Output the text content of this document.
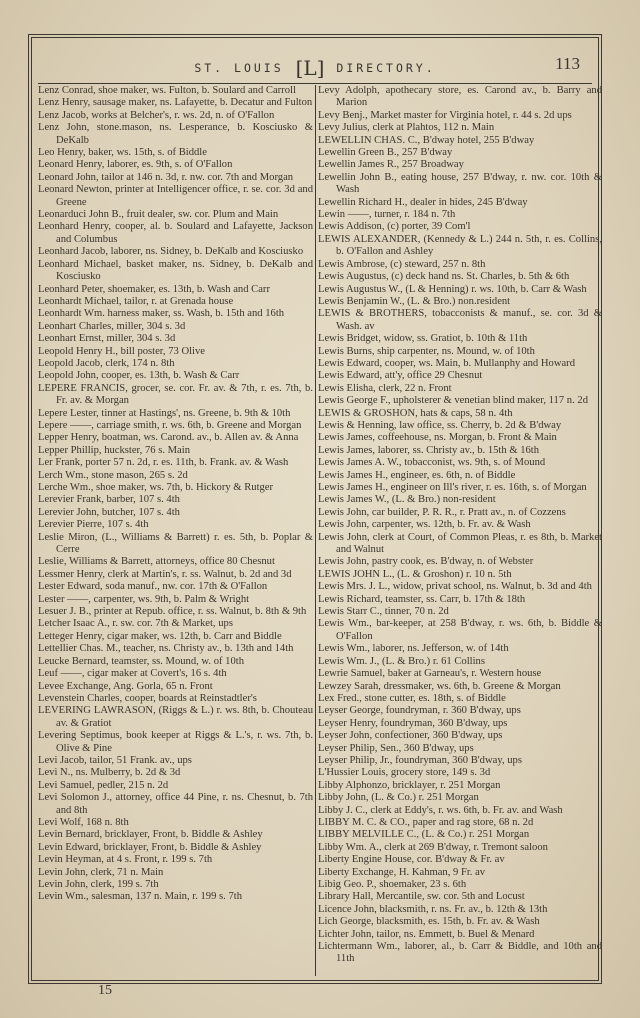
ST. LOUIS [L] DIRECTORY.	113

Lenz Conrad, shoe maker, ws. Fulton, b. Soulard and Carroll

Lenz Henry, sausage maker, ns. Lafayette, b. Decatur and Fulton

Lenz Jacob, works at Belcher's, r. ws. 2d, n. of O'Fallon

Lenz John, stone.mason, ns. Lesperance, b. Kosciusko & DeKalb

Leo Henry, baker, ws. 15th, s. of Biddle

Leonard Henry, laborer, es. 9th, s. of O'Fallon

Leonard John, tailor at 146 n. 3d, r. nw. cor. 7th and Morgan

Leonard Newton, printer at Intelligencer office, r. se. cor. 3d and Greene

Leonarduci John B., fruit dealer, sw. cor. Plum and Main

Leonhard Henry, cooper, al. b. Soulard and Lafayette, Jackson and Columbus

Leonhard Jacob, laborer, ns. Sidney, b. DeKalb and Kosciusko

Leonhard Michael, basket maker, ns. Sidney, b. DeKalb and Kosciusko

Leonhard Peter, shoemaker, es. 13th, b. Wash and Carr

Leonhardt Michael, tailor, r. at Grenada house

Leonhardt Wm. harness maker, ss. Wash, b. 15th and 16th

Leonhart Charles, miller, 304 s. 3d

Leonhart Ernst, miller, 304 s. 3d

Leopold Henry H., bill poster, 73 Olive

Leopold Jacob, clerk, 174 n. 8th

Leopold John, cooper, es. 13th, b. Wash & Carr

LEPERE FRANCIS, grocer, se. cor. Fr. av. & 7th, r. es. 7th, b. Fr. av. & Morgan

Lepere Lester, tinner at Hastings', ns. Greene, b. 9th & 10th

Lepere ——, carriage smith, r. ws. 6th, b. Greene and Morgan

Lepper Henry, boatman, ws. Carond. av., b. Allen av. & Anna

Lepper Phillip, huckster, 76 s. Main

Ler Frank, porter 57 n. 2d, r. es. 11th, b. Frank. av. & Wash

Lerch Wm., stone mason, 265 s. 2d

Lerche Wm., shoe maker, ws. 7th, b. Hickory & Rutger

Lerevier Frank, barber, 107 s. 4th

Lerevier John, butcher, 107 s. 4th

Lerevier Pierre, 107 s. 4th

Leslie Miron, (L., Williams & Barrett) r. es. 5th, b. Poplar & Cerre

Leslie, Williams & Barrett, attorneys, office 80 Chesnut

Lessmer Henry, clerk at Martin's, r. ss. Walnut, b. 2d and 3d

Lester Edward, soda manuf., nw. cor. 17th & O'Fallon

Lester ——, carpenter, ws. 9th, b. Palm & Wright

Lesuer J. B., printer at Repub. office, r. ss. Walnut, b. 8th & 9th

Letcher Isaac A., r. sw. cor. 7th & Market, ups

Letteger Henry, cigar maker, ws. 12th, b. Carr and Biddle

Lettellier Chas. M., teacher, ns. Christy av., b. 13th and 14th

Leucke Bernard, teamster, ss. Mound, w. of 10th

Leuf ——, cigar maker at Covert's, 16 s. 4th

Levee Exchange, Ang. Gorla, 65 n. Front

Levenstein Charles, cooper, boards at Reinstadtler's

LEVERING LAWRASON, (Riggs & L.) r. ws. 8th, b. Chouteau av. & Gratiot

Levering Septimus, book keeper at Riggs & L.'s, r. ws. 7th, b. Olive & Pine

Levi Jacob, tailor, 51 Frank. av., ups

Levi N., ns. Mulberry, b. 2d & 3d

Levi Samuel, pedler, 215 n. 2d

Levi Solomon J., attorney, office 44 Pine, r. ns. Chesnut, b. 7th and 8th

Levi Wolf, 168 n. 8th

Levin Bernard, bricklayer, Front, b. Biddle & Ashley

Levin Edward, bricklayer, Front, b. Biddle & Ashley

Levin Heyman, at 4 s. Front, r. 199 s. 7th

Levin John, clerk, 71 n. Main

Levin John, clerk, 199 s. 7th

Levin Wm., salesman, 137 n. Main, r. 199 s. 7th

Levy Adolph, apothecary store, es. Carond av., b. Barry and Marion

Levy Benj., Market master for Virginia hotel, r. 44 s. 2d ups

Levy Julius, clerk at Plahtos, 112 n. Main

LEWELLIN CHAS. C., B'dway hotel, 255 B'dway

Lewellin Green B., 257 B'dway

Lewellin James R., 257 Broadway

Lewellin John B., eating house, 257 B'dway, r. nw. cor. 10th & Wash

Lewellin Richard H., dealer in hides, 245 B'dway

Lewin ——, turner, r. 184 n. 7th

Lewis Addison, (c) porter, 39 Com'l

LEWIS ALEXANDER, (Kennedy & L.) 244 n. 5th, r. es. Collins, b. O'Fallon and Ashley

Lewis Ambrose, (c) steward, 257 n. 8th

Lewis Augustus, (c) deck hand ns. St. Charles, b. 5th & 6th

Lewis Augustus W., (L & Henning) r. ws. 10th, b. Carr & Wash

Lewis Benjamin W., (L. & Bro.) non.resident

LEWIS & BROTHERS, tobacconists & manuf., se. cor. 3d & Wash. av

Lewis Bridget, widow, ss. Gratiot, b. 10th & 11th

Lewis Burns, ship carpenter, ns. Mound, w. of 10th

Lewis Edward, cooper, ws. Main, b. Mullanphy and Howard

Lewis Edward, att'y, office 29 Chesnut

Lewis Elisha, clerk, 22 n. Front

Lewis George F., upholsterer & venetian blind maker, 117 n. 2d

LEWIS & GROSHON, hats & caps, 58 n. 4th

Lewis & Henning, law office, ss. Cherry, b. 2d & B'dway

Lewis James, coffeehouse, ns. Morgan, b. Front & Main

Lewis James, laborer, ss. Christy av., b. 15th & 16th

Lewis James A. W., tobacconist, ws. 9th, s. of Mound

Lewis James H., engineer, es. 6th, n. of Biddle

Lewis James H., engineer on Ill's river, r. es. 16th, s. of Morgan

Lewis James W., (L. & Bro.) non-resident

Lewis John, car builder, P. R. R., r. Pratt av., n. of Cozzens

Lewis John, carpenter, ws. 12th, b. Fr. av. & Wash

Lewis John, clerk at Court, of Common Pleas, r. es 8th, b. Market and Walnut

Lewis John, pastry cook, es. B'dway, n. of Webster

LEWIS JOHN L., (L. & Groshon) r. 10 n. 5th

Lewis Mrs. J. L., widow, privat school, ns. Walnut, b. 3d and 4th

Lewis Richard, teamster, ss. Carr, b. 17th & 18th

Lewis Starr C., tinner, 70 n. 2d

Lewis Wm., bar-keeper, at 258 B'dway, r. ws. 6th, b. Biddle & O'Fallon

Lewis Wm., laborer, ns. Jefferson, w. of 14th

Lewis Wm. J., (L. & Bro.) r. 61 Collins

Lewrie Samuel, baker at Garneau's, r. Western house

Lewzey Sarah, dressmaker, ws. 6th, b. Greene & Morgan

Lex Fred., stone cutter, es. 18th, s. of Biddle

Leyser George, foundryman, r. 360 B'dway, ups

Leyser Henry, foundryman, 360 B'dway, ups

Leyser John, confectioner, 360 B'dway, ups

Leyser Philip, Sen., 360 B'dway, ups

Leyser Philip, Jr., foundryman, 360 B'dway, ups

L'Hussier Louis, grocery store, 149 s. 3d

Libby Alphonzo, bricklayer, r. 251 Morgan

Libby John, (L. & Co.) r. 251 Morgan

Libby J. C., clerk at Eddy's, r. ws. 6th, b. Fr. av. and Wash

LIBBY M. C. & CO., paper and rag store, 68 n. 2d

LIBBY MELVILLE C., (L. & Co.) r. 251 Morgan

Libby Wm. A., clerk at 269 B'dway, r. Tremont saloon

Liberty Engine House, cor. B'dway & Fr. av

Liberty Exchange, H. Kahman, 9 Fr. av

Libig Geo. P., shoemaker, 23 s. 6th

Library Hall, Mercantile, sw. cor. 5th and Locust

Licence John, blacksmith, r. ns. Fr. av., b. 12th & 13th

Lich George, blacksmith, es. 15th, b. Fr. av. & Wash

Lichter John, tailor, ns. Emmett, b. Buel & Menard

Lichtermann Wm., laborer, al., b. Carr & Biddle, and 10th and 11th

15
